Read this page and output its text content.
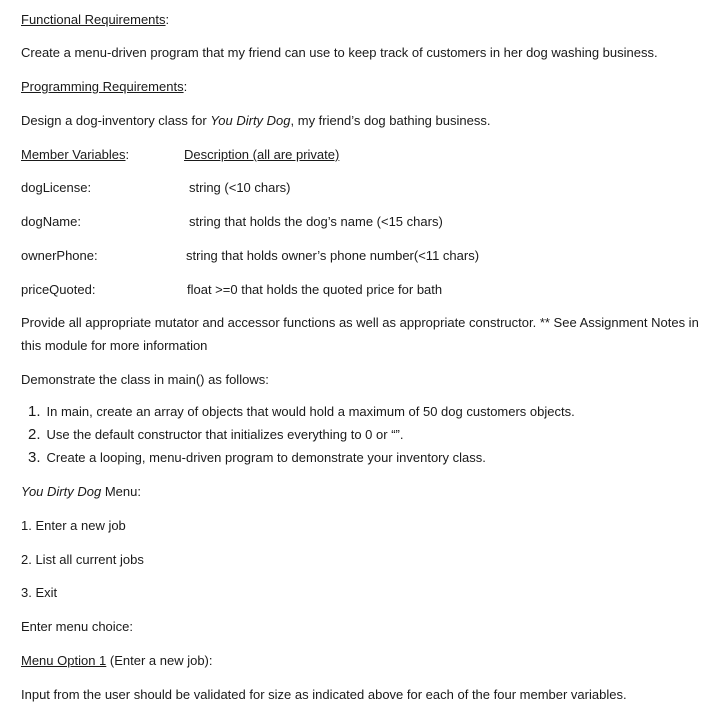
Functional Requirements:
Create a menu-driven program that my friend can use to keep track of customers in her dog washing business.
Programming Requirements:
Design a dog-inventory class for You Dirty Dog, my friend’s dog bathing business.
Member Variables:	Description (all are private)
dogLicense:	string (<10 chars)
dogName:	string that holds the dog’s name (<15 chars)
ownerPhone:	string that holds owner’s phone number(<11 chars)
priceQuoted:	float >=0 that holds the quoted price for bath
Provide all appropriate mutator and accessor functions as well as appropriate constructor. ** See Assignment Notes in this module for more information
Demonstrate the class in main() as follows:
1. In main, create an array of objects that would hold a maximum of 50 dog customers objects.
2. Use the default constructor that initializes everything to 0 or “”.
3. Create a looping, menu-driven program to demonstrate your inventory class.
You Dirty Dog Menu:
1. Enter a new job
2. List all current jobs
3. Exit
Enter menu choice:
Menu Option 1 (Enter a new job):
Input from the user should be validated for size as indicated above for each of the four member variables.
